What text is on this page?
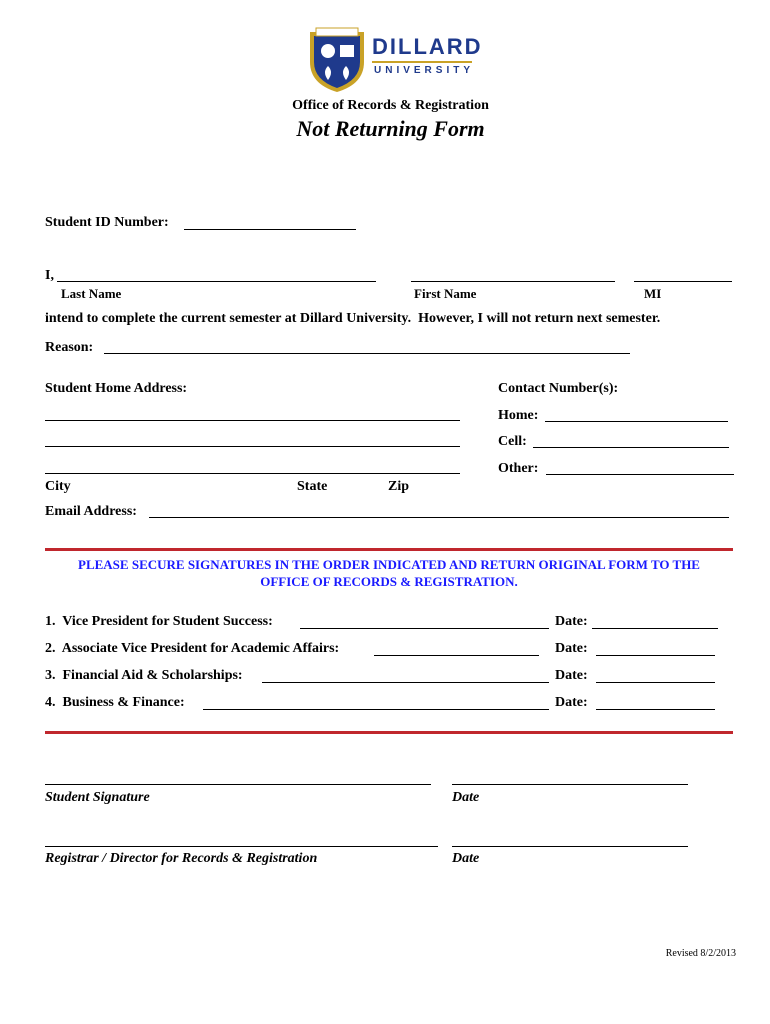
DILLARD
UNIVERSITY
Office of Records & Registration
Not Returning Form
Student ID Number:
I,
Last Name	First Name	MI
intend to complete the current semester at Dillard University.  However, I will not return next semester.
Reason:
Student Home Address:	Contact Number(s):
Home:
Cell:
Other:
City	State	Zip
Email Address:
PLEASE SECURE SIGNATURES IN THE ORDER INDICATED AND RETURN ORIGINAL FORM TO THE
OFFICE OF RECORDS & REGISTRATION.
1.  Vice President for Student Success:	Date:
2.  Associate Vice President for Academic Affairs:	Date:
3.  Financial Aid & Scholarships:	Date:
4.  Business & Finance:	Date:
Student Signature	Date
Registrar / Director for Records & Registration	Date
Revised 8/2/2013
